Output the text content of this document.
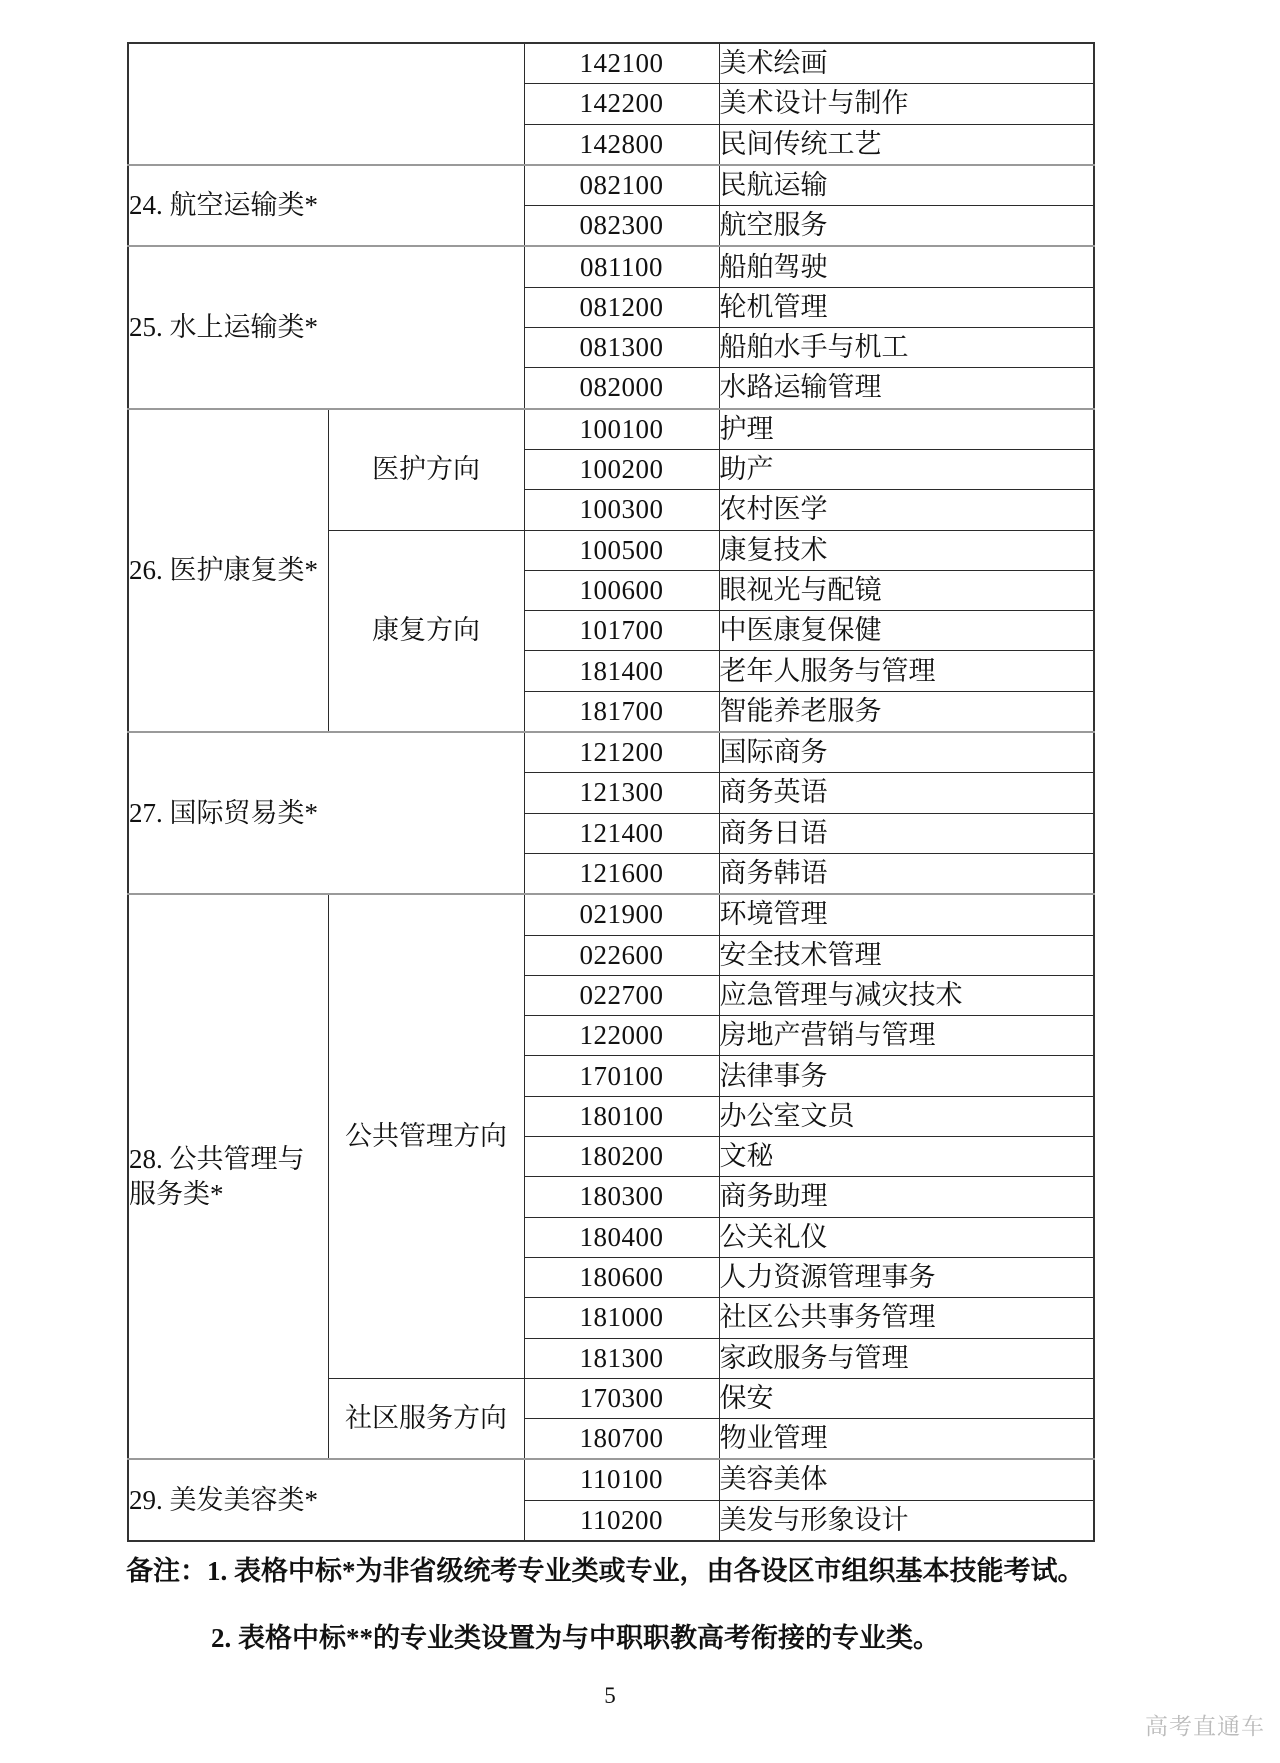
		142100	美术绘画
		142200	美术设计与制作
		142800	民间传统工艺
24. 航空运输类*		082100	民航运输
		082300	航空服务
25. 水上运输类*		081100	船舶驾驶
		081200	轮机管理
		081300	船舶水手与机工
		082000	水路运输管理
26. 医护康复类*	医护方向	100100	护理
		100200	助产
		100300	农村医学
	康复方向	100500	康复技术
		100600	眼视光与配镜
		101700	中医康复保健
		181400	老年人服务与管理
		181700	智能养老服务
27. 国际贸易类*		121200	国际商务
		121300	商务英语
		121400	商务日语
		121600	商务韩语
28. 公共管理与服务类*	公共管理方向	021900	环境管理
		022600	安全技术管理
		022700	应急管理与减灾技术
		122000	房地产营销与管理
		170100	法律事务
		180100	办公室文员
		180200	文秘
		180300	商务助理
		180400	公关礼仪
		180600	人力资源管理事务
		181000	社区公共事务管理
		181300	家政服务与管理
	社区服务方向	170300	保安
		180700	物业管理
29. 美发美容类*		110100	美容美体
		110200	美发与形象设计
备注：1. 表格中标*为非省级统考专业类或专业，由各设区市组织基本技能考试。
2. 表格中标**的专业类设置为与中职职教高考衔接的专业类。
5
高考直通车
